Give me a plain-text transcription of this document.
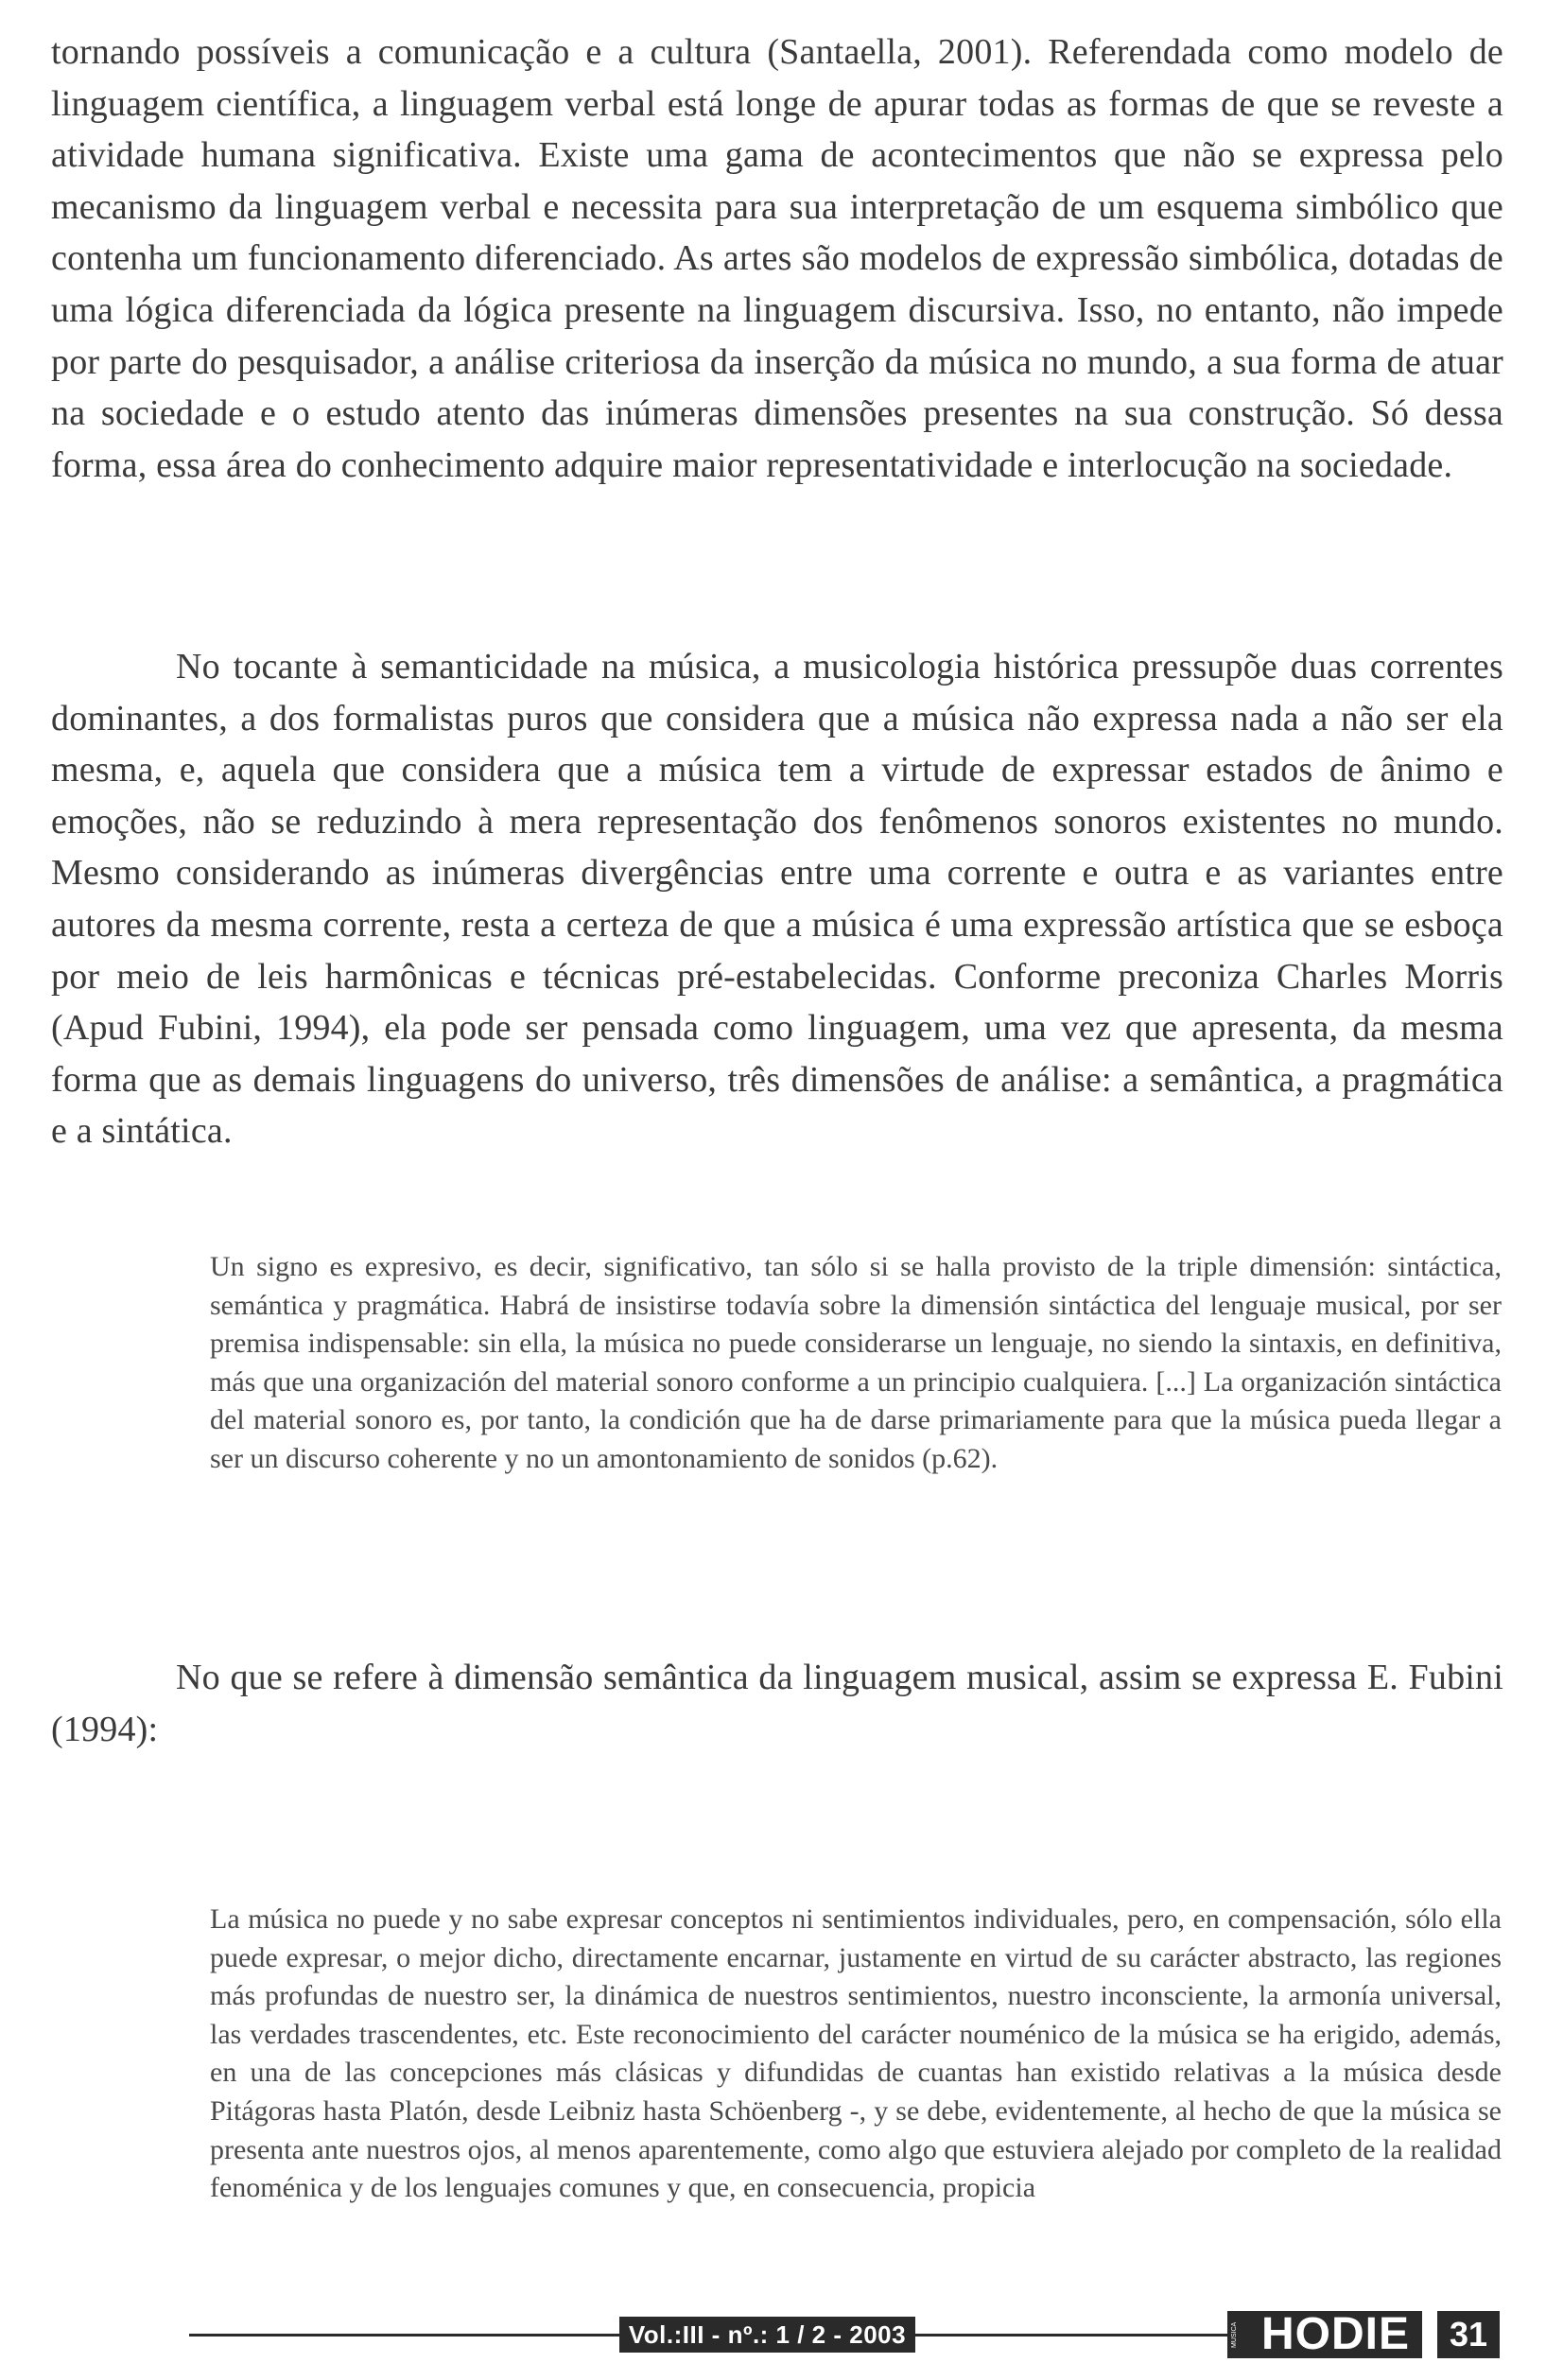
tornando possíveis a comunicação e a cultura (Santaella, 2001). Referendada como modelo de linguagem científica, a linguagem verbal está longe de apurar todas as formas de que se reveste a atividade humana significativa. Existe uma gama de acontecimentos que não se expressa pelo mecanismo da linguagem verbal e necessita para sua interpretação de um esquema simbólico que contenha um funcionamento diferenciado. As artes são modelos de expressão simbólica, dotadas de uma lógica diferenciada da lógica presente na linguagem discursiva. Isso, no entanto, não impede por parte do pesquisador, a análise criteriosa da inserção da música no mundo, a sua forma de atuar na sociedade e o estudo atento das inúmeras dimensões presentes na sua construção. Só dessa forma, essa área do conhecimento adquire maior representatividade e interlocução na sociedade.

No tocante à semanticidade na música, a musicologia histórica pressupõe duas correntes dominantes, a dos formalistas puros que considera que a música não expressa nada a não ser ela mesma, e, aquela que considera que a música tem a virtude de expressar estados de ânimo e emoções, não se reduzindo à mera representação dos fenômenos sonoros existentes no mundo. Mesmo considerando as inúmeras divergências entre uma corrente e outra e as variantes entre autores da mesma corrente, resta a certeza de que a música é uma expressão artística que se esboça por meio de leis harmônicas e técnicas pré-estabelecidas. Conforme preconiza Charles Morris (Apud Fubini, 1994), ela pode ser pensada como linguagem, uma vez que apresenta, da mesma forma que as demais linguagens do universo, três dimensões de análise: a semântica, a pragmática e a sintática.

Un signo es expresivo, es decir, significativo, tan sólo si se halla provisto de la triple dimensión: sintáctica, semántica y pragmática. Habrá de insistirse todavía sobre la dimensión sintáctica del lenguaje musical, por ser premisa indispensable: sin ella, la música no puede considerarse un lenguaje, no siendo la sintaxis, en definitiva, más que una organización del material sonoro conforme a un principio cualquiera. [...] La organización sintáctica del material sonoro es, por tanto, la condición que ha de darse primariamente para que la música pueda llegar a ser un discurso coherente y no un amontonamiento de sonidos (p.62).

No que se refere à dimensão semântica da linguagem musical, assim se expressa E. Fubini (1994):

La música no puede y no sabe expresar conceptos ni sentimientos individuales, pero, en compensación, sólo ella puede expresar, o mejor dicho, directamente encarnar, justamente en virtud de su carácter abstracto, las regiones más profundas de nuestro ser, la dinámica de nuestros sentimientos, nuestro inconsciente, la armonía universal, las verdades trascendentes, etc. Este reconocimiento del carácter nouménico de la música se ha erigido, además, en una de las concepciones más clásicas y difundidas de cuantas han existido relativas a la música desde Pitágoras hasta Platón, desde Leibniz hasta Schöenberg -, y se debe, evidentemente, al hecho de que la música se presenta ante nuestros ojos, al menos aparentemente, como algo que estuviera alejado por completo de la realidad fenoménica y de los lenguajes comunes y que, en consecuencia, propicia

Vol.:III - nº.: 1 / 2 - 2003	MÚSICA HODIE	31
